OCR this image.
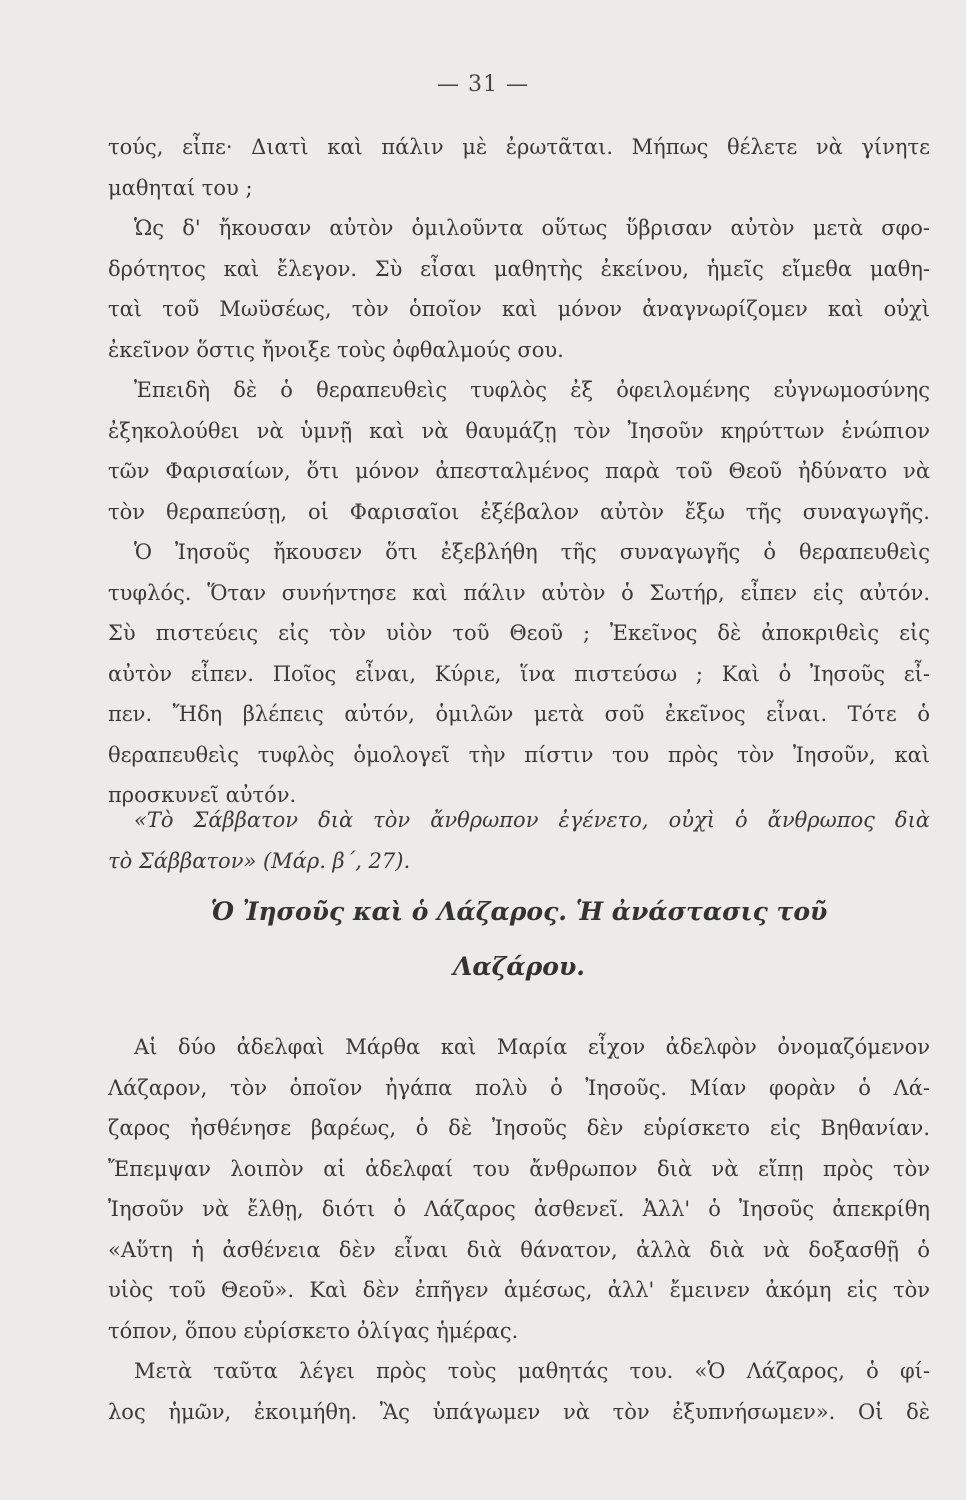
— 31 —
τούς, εἶπε· Διατὶ καὶ πάλιν μὲ ἐρωτᾶται. Μήπως θέλετε νὰ γίνητε
μαθηταί του ;
Ὡς δ' ἤκουσαν αὐτὸν ὁμιλοῦντα οὕτως ὕβρισαν αὐτὸν μετὰ σφο-
δρότητος καὶ ἔλεγον. Σὺ εἶσαι μαθητὴς ἐκείνου, ἡμεῖς εἴμεθα μαθη-
ταὶ τοῦ Μωϋσέως, τὸν ὁποῖον καὶ μόνον ἀναγνωρίζομεν καὶ οὐχὶ
ἐκεῖνον ὅστις ἤνοιξε τοὺς ὀφθαλμούς σου.
Ἐπειδὴ δὲ ὁ θεραπευθεὶς τυφλὸς ἐξ ὀφειλομένης εὐγνωμοσύνης
ἐξηκολούθει νὰ ὑμνῇ καὶ νὰ θαυμάζῃ τὸν Ἰησοῦν κηρύττων ἐνώπιον
τῶν Φαρισαίων, ὅτι μόνον ἀπεσταλμένος παρὰ τοῦ Θεοῦ ἠδύνατο νὰ
τὸν θεραπεύσῃ, οἱ Φαρισαῖοι ἐξέβαλον αὐτὸν ἔξω τῆς συναγωγῆς.
Ὁ Ἰησοῦς ἤκουσεν ὅτι ἐξεβλήθη τῆς συναγωγῆς ὁ θεραπευθεὶς
τυφλός. Ὅταν συνήντησε καὶ πάλιν αὐτὸν ὁ Σωτήρ, εἶπεν εἰς αὐτόν.
Σὺ πιστεύεις εἰς τὸν υἱὸν τοῦ Θεοῦ ; Ἐκεῖνος δὲ ἀποκριθεὶς εἰς
αὐτὸν εἶπεν. Ποῖος εἶναι, Κύριε, ἵνα πιστεύσω ; Καὶ ὁ Ἰησοῦς εἶ-
πεν. Ἤδη βλέπεις αὐτόν, ὁμιλῶν μετὰ σοῦ ἐκεῖνος εἶναι. Τότε ὁ
θεραπευθεὶς τυφλὸς ὁμολογεῖ τὴν πίστιν του πρὸς τὸν Ἰησοῦν, καὶ
προσκυνεῖ αὐτόν.
«Τὸ Σάββατον διὰ τὸν ἄνθρωπον ἐγένετο, οὐχὶ ὁ ἄνθρωπος διὰ
τὸ Σάββατον» (Μάρ. β΄, 27).
Ὁ Ἰησοῦς καὶ ὁ Λάζαρος. Ἡ ἀνάστασις τοῦ
Λαζάρου.
Αἱ δύο ἀδελφαὶ Μάρθα καὶ Μαρία εἶχον ἀδελφὸν ὀνομαζόμενον
Λάζαρον, τὸν ὁποῖον ἠγάπα πολὺ ὁ Ἰησοῦς. Μίαν φορὰν ὁ Λά-
ζαρος ἠσθένησε βαρέως, ὁ δὲ Ἰησοῦς δὲν εὑρίσκετο εἰς Βηθανίαν.
Ἔπεμψαν λοιπὸν αἱ ἀδελφαί του ἄνθρωπον διὰ νὰ εἴπῃ πρὸς τὸν
Ἰησοῦν νὰ ἔλθῃ, διότι ὁ Λάζαρος ἀσθενεῖ. Ἀλλ' ὁ Ἰησοῦς ἀπεκρίθη
«Αὕτη ἡ ἀσθένεια δὲν εἶναι διὰ θάνατον, ἀλλὰ διὰ νὰ δοξασθῇ ὁ
υἱὸς τοῦ Θεοῦ». Καὶ δὲν ἐπῆγεν ἀμέσως, ἀλλ' ἔμεινεν ἀκόμη εἰς τὸν
τόπον, ὅπου εὑρίσκετο ὀλίγας ἡμέρας.
Μετὰ ταῦτα λέγει πρὸς τοὺς μαθητάς του. «Ὁ Λάζαρος, ὁ φί-
λος ἡμῶν, ἐκοιμήθη. Ἂς ὑπάγωμεν νὰ τὸν ἐξυπνήσωμεν». Οἱ δὲ
